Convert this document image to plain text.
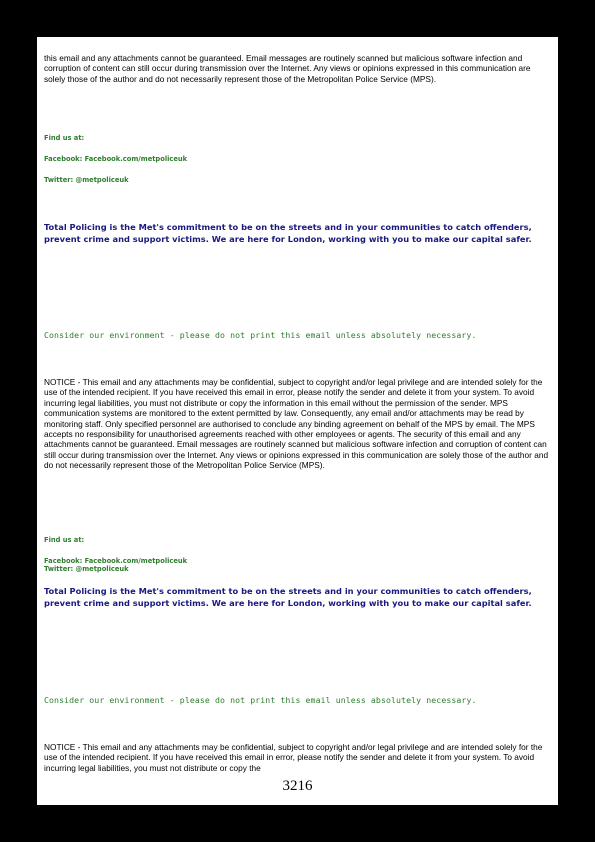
this email and any attachments cannot be guaranteed. Email messages are routinely scanned but malicious software infection and corruption of content can still occur during transmission over the Internet. Any views or opinions expressed in this communication are solely those of the author and do not necessarily represent those of the Metropolitan Police Service (MPS).

Find us at:

Facebook: Facebook.com/metpoliceuk

Twitter: @metpoliceuk

Total Policing is the Met's commitment to be on the streets and in your communities to catch offenders, prevent crime and support victims. We are here for London, working with you to make our capital safer.

Consider our environment - please do not print this email unless absolutely necessary.

NOTICE - This email and any attachments may be confidential, subject to copyright and/or legal privilege and are intended solely for the use of the intended recipient. If you have received this email in error, please notify the sender and delete it from your system. To avoid incurring legal liabilities, you must not distribute or copy the information in this email without the permission of the sender. MPS communication systems are monitored to the extent permitted by law. Consequently, any email and/or attachments may be read by monitoring staff. Only specified personnel are authorised to conclude any binding agreement on behalf of the MPS by email. The MPS accepts no responsibility for unauthorised agreements reached with other employees or agents. The security of this email and any attachments cannot be guaranteed. Email messages are routinely scanned but malicious software infection and corruption of content can still occur during transmission over the Internet. Any views or opinions expressed in this communication are solely those of the author and do not necessarily represent those of the Metropolitan Police Service (MPS).

Find us at:

Facebook: Facebook.com/metpoliceuk

Twitter: @metpoliceuk

Total Policing is the Met's commitment to be on the streets and in your communities to catch offenders, prevent crime and support victims. We are here for London, working with you to make our capital safer.

Consider our environment - please do not print this email unless absolutely necessary.

NOTICE - This email and any attachments may be confidential, subject to copyright and/or legal privilege and are intended solely for the use of the intended recipient. If you have received this email in error, please notify the sender and delete it from your system. To avoid incurring legal liabilities, you must not distribute or copy the

3216
